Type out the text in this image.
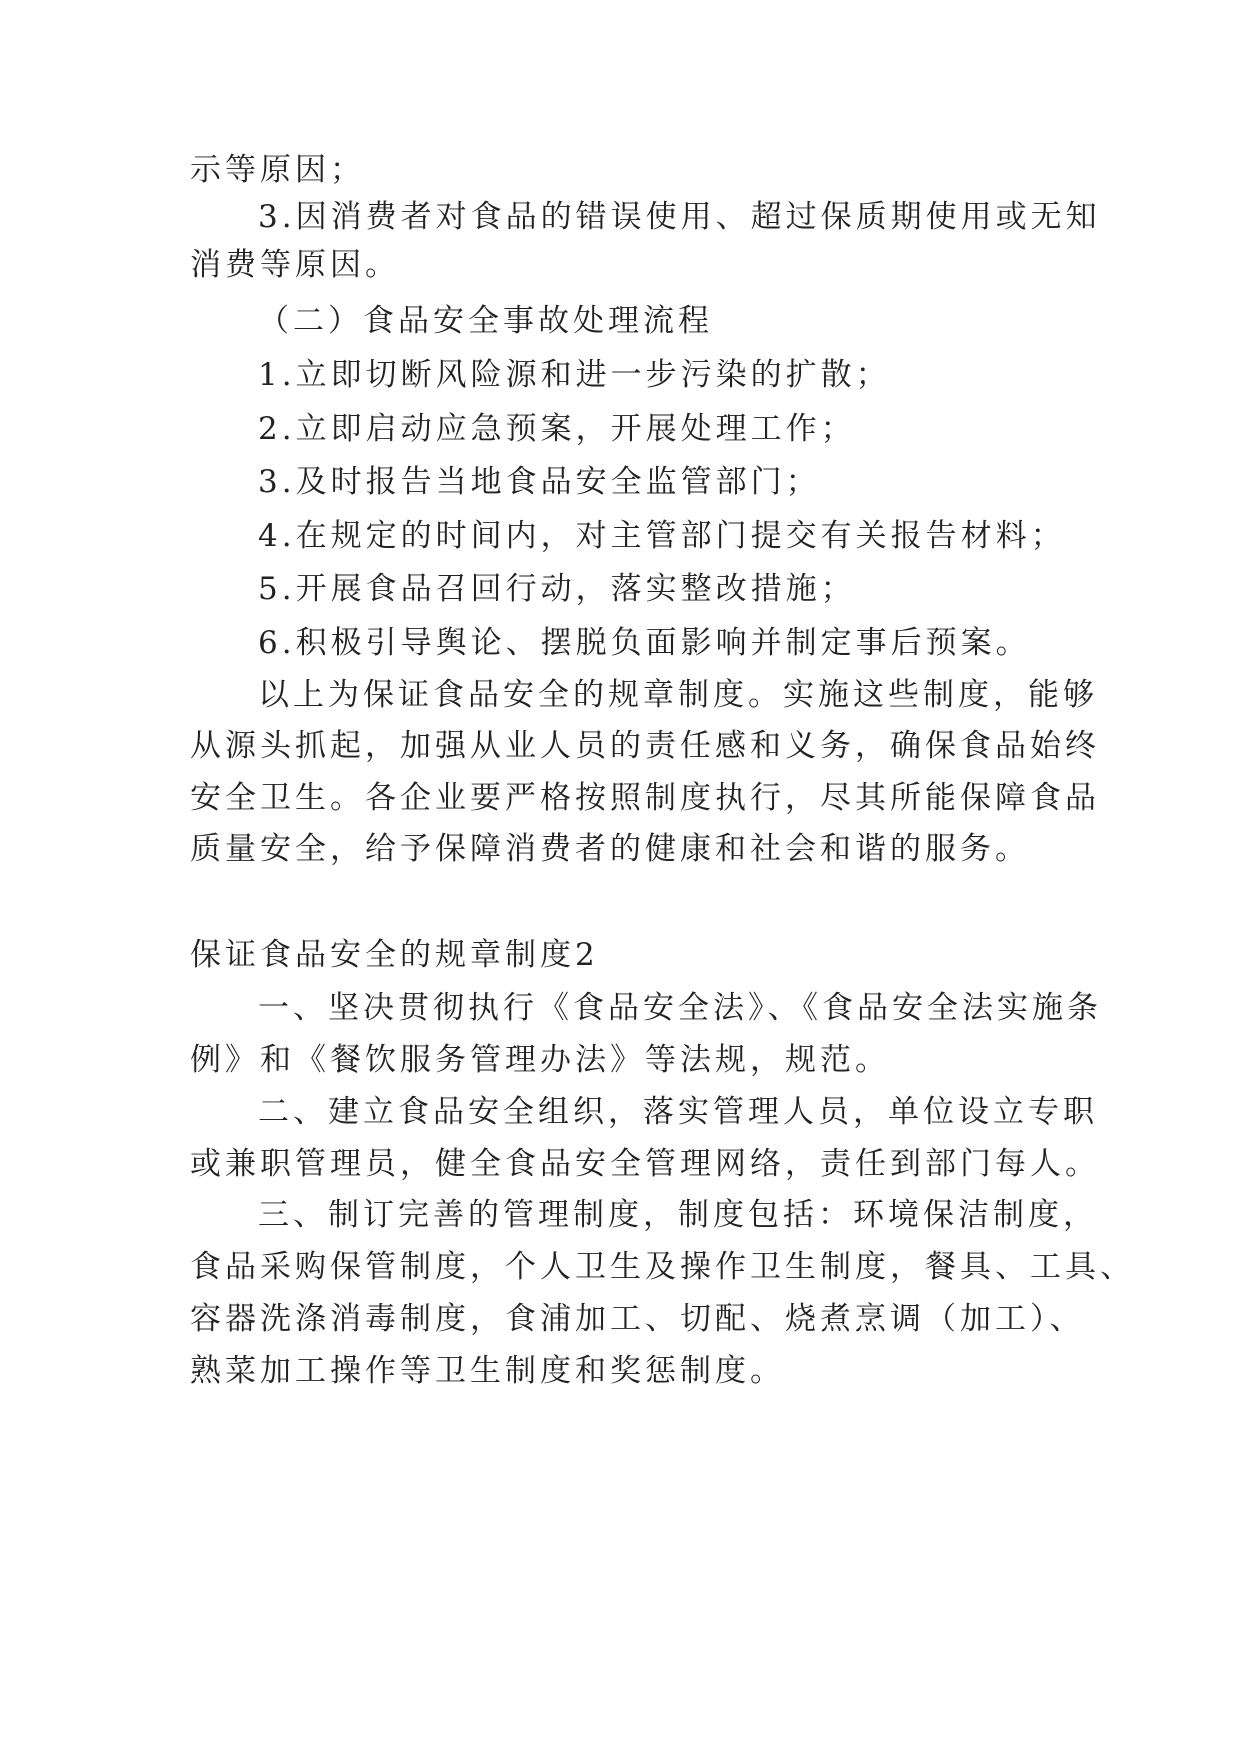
示等原因；
3.因消费者对食品的错误使用、超过保质期使用或无知
消费等原因。
（二）食品安全事故处理流程
1.立即切断风险源和进一步污染的扩散；
2.立即启动应急预案，开展处理工作；
3.及时报告当地食品安全监管部门；
4.在规定的时间内，对主管部门提交有关报告材料；
5.开展食品召回行动，落实整改措施；
6.积极引导舆论、摆脱负面影响并制定事后预案。
以上为保证食品安全的规章制度。实施这些制度，能够
从源头抓起，加强从业人员的责任感和义务，确保食品始终
安全卫生。各企业要严格按照制度执行，尽其所能保障食品
质量安全，给予保障消费者的健康和社会和谐的服务。
保证食品安全的规章制度2
一、坚决贯彻执行《食品安全法》、《食品安全法实施条
例》和《餐饮服务管理办法》等法规，规范。
二、建立食品安全组织，落实管理人员，单位设立专职
或兼职管理员，健全食品安全管理网络，责任到部门每人。
三、制订完善的管理制度，制度包括：环境保洁制度，
食品采购保管制度，个人卫生及操作卫生制度，餐具、工具、
容器洗涤消毒制度，食浦加工、切配、烧煮烹调（加工）、
熟菜加工操作等卫生制度和奖惩制度。
